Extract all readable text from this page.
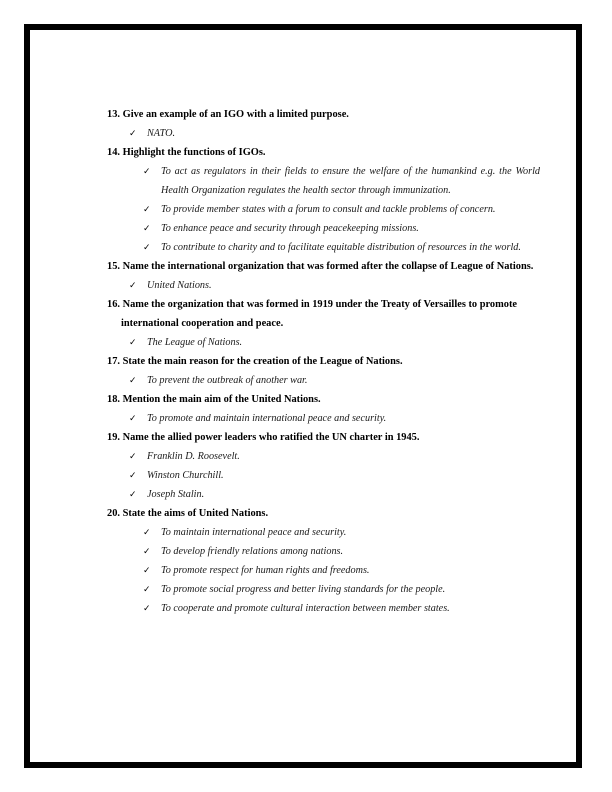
13. Give an example of an IGO with a limited purpose.

✓ NATO.

14. Highlight the functions of IGOs.

✓ To act as regulators in their fields to ensure the welfare of the humankind e.g. the World Health Organization regulates the health sector through immunization.
✓ To provide member states with a forum to consult and tackle problems of concern.
✓ To enhance peace and security through peacekeeping missions.
✓ To contribute to charity and to facilitate equitable distribution of resources in the world.

15. Name the international organization that was formed after the collapse of League of Nations.

✓ United Nations.

16. Name the organization that was formed in 1919 under the Treaty of Versailles to promote international cooperation and peace.

✓ The League of Nations.

17. State the main reason for the creation of the League of Nations.

✓ To prevent the outbreak of another war.

18. Mention the main aim of the United Nations.

✓ To promote and maintain international peace and security.

19. Name the allied power leaders who ratified the UN charter in 1945.

✓ Franklin D. Roosevelt.
✓ Winston Churchill.
✓ Joseph Stalin.

20. State the aims of United Nations.

✓ To maintain international peace and security.
✓ To develop friendly relations among nations.
✓ To promote respect for human rights and freedoms.
✓ To promote social progress and better living standards for the people.
✓ To cooperate and promote cultural interaction between member states.
